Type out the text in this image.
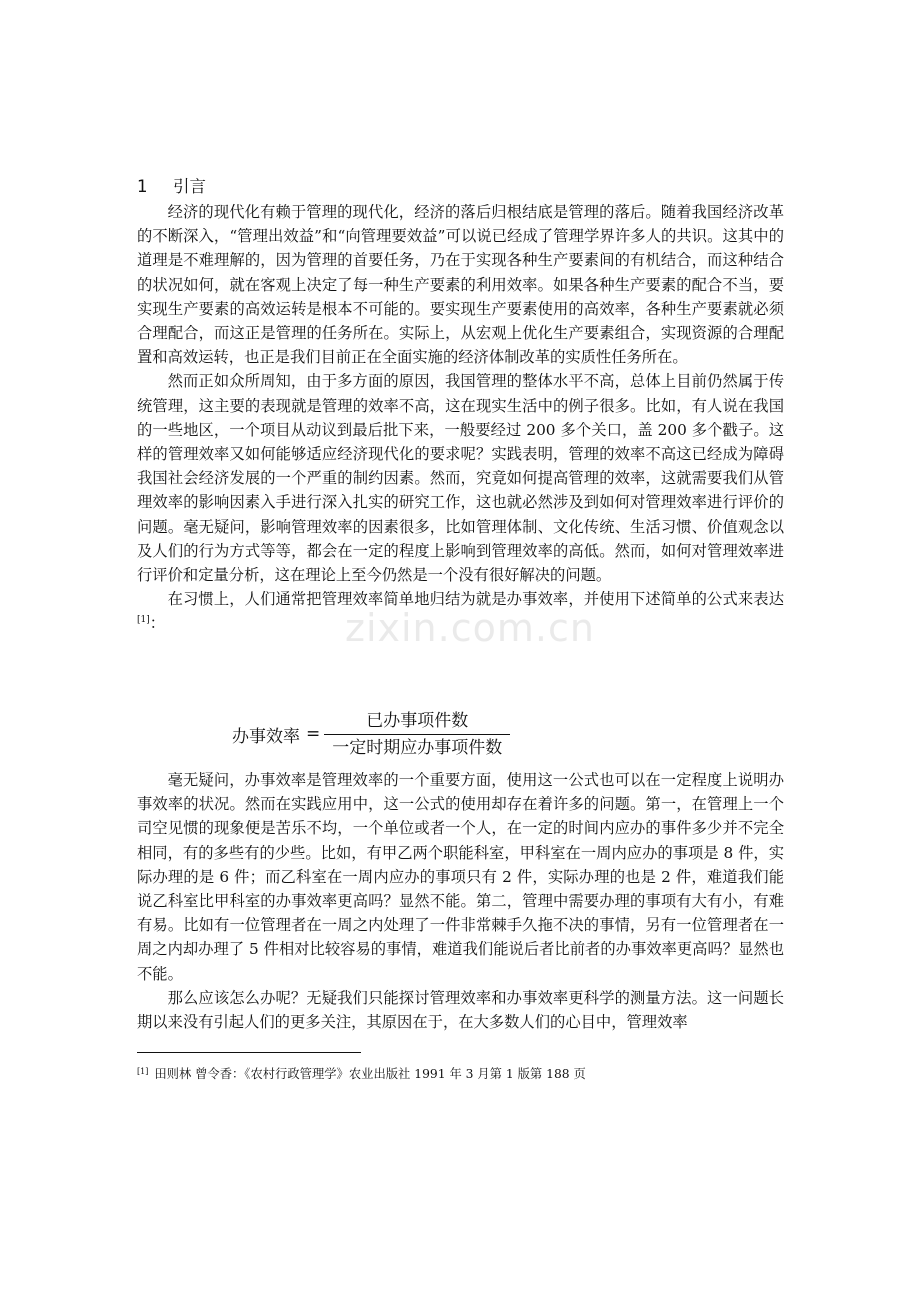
1 引言

经济的现代化有赖于管理的现代化，经济的落后归根结底是管理的落后。随着我国经济改革的不断深入，“管理出效益”和“向管理要效益”可以说已经成了管理学界许多人的共识。这其中的道理是不难理解的，因为管理的首要任务，乃在于实现各种生产要素间的有机结合，而这种结合的状况如何，就在客观上决定了每一种生产要素的利用效率。如果各种生产要素的配合不当，要实现生产要素的高效运转是根本不可能的。要实现生产要素使用的高效率，各种生产要素就必须合理配合，而这正是管理的任务所在。实际上，从宏观上优化生产要素组合，实现资源的合理配置和高效运转，也正是我们目前正在全面实施的经济体制改革的实质性任务所在。

然而正如众所周知，由于多方面的原因，我国管理的整体水平不高，总体上目前仍然属于传统管理，这主要的表现就是管理的效率不高，这在现实生活中的例子很多。比如，有人说在我国的一些地区，一个项目从动议到最后批下来，一般要经过 200 多个关口，盖 200 多个戳子。这样的管理效率又如何能够适应经济现代化的要求呢？实践表明，管理的效率不高这已经成为障碍我国社会经济发展的一个严重的制约因素。然而，究竟如何提高管理的效率，这就需要我们从管理效率的影响因素入手进行深入扎实的研究工作，这也就必然涉及到如何对管理效率进行评价的问题。毫无疑问，影响管理效率的因素很多，比如管理体制、文化传统、生活习惯、价值观念以及人们的行为方式等等，都会在一定的程度上影响到管理效率的高低。然而，如何对管理效率进行评价和定量分析，这在理论上至今仍然是一个没有很好解决的问题。

在习惯上，人们通常把管理效率简单地归结为就是办事效率，并使用下述简单的公式来表达[1]：

办事效率 = $\frac{\text{已办事项件数}}{\text{一定时期应办事项件数}}$

毫无疑问，办事效率是管理效率的一个重要方面，使用这一公式也可以在一定程度上说明办事效率的状况。然而在实践应用中，这一公式的使用却存在着许多的问题。第一，在管理上一个司空见惯的现象便是苦乐不均，一个单位或者一个人，在一定的时间内应办的事件多少并不完全相同，有的多些有的少些。比如，有甲乙两个职能科室，甲科室在一周内应办的事项是 8 件，实际办理的是 6 件；而乙科室在一周内应办的事项只有 2 件，实际办理的也是 2 件，难道我们能说乙科室比甲科室的办事效率更高吗？显然不能。第二，管理中需要办理的事项有大有小，有难有易。比如有一位管理者在一周之内处理了一件非常棘手久拖不决的事情，另有一位管理者在一周之内却办理了 5 件相对比较容易的事情，难道我们能说后者比前者的办事效率更高吗？显然也不能。

那么应该怎么办呢？无疑我们只能探讨管理效率和办事效率更科学的测量方法。这一问题长期以来没有引起人们的更多关注，其原因在于，在大多数人们的心目中，管理效率

zixin.com.cn
[1] 田则林 曾令香：《农村行政管理学》农业出版社 1991 年 3 月第 1 版第 188 页
